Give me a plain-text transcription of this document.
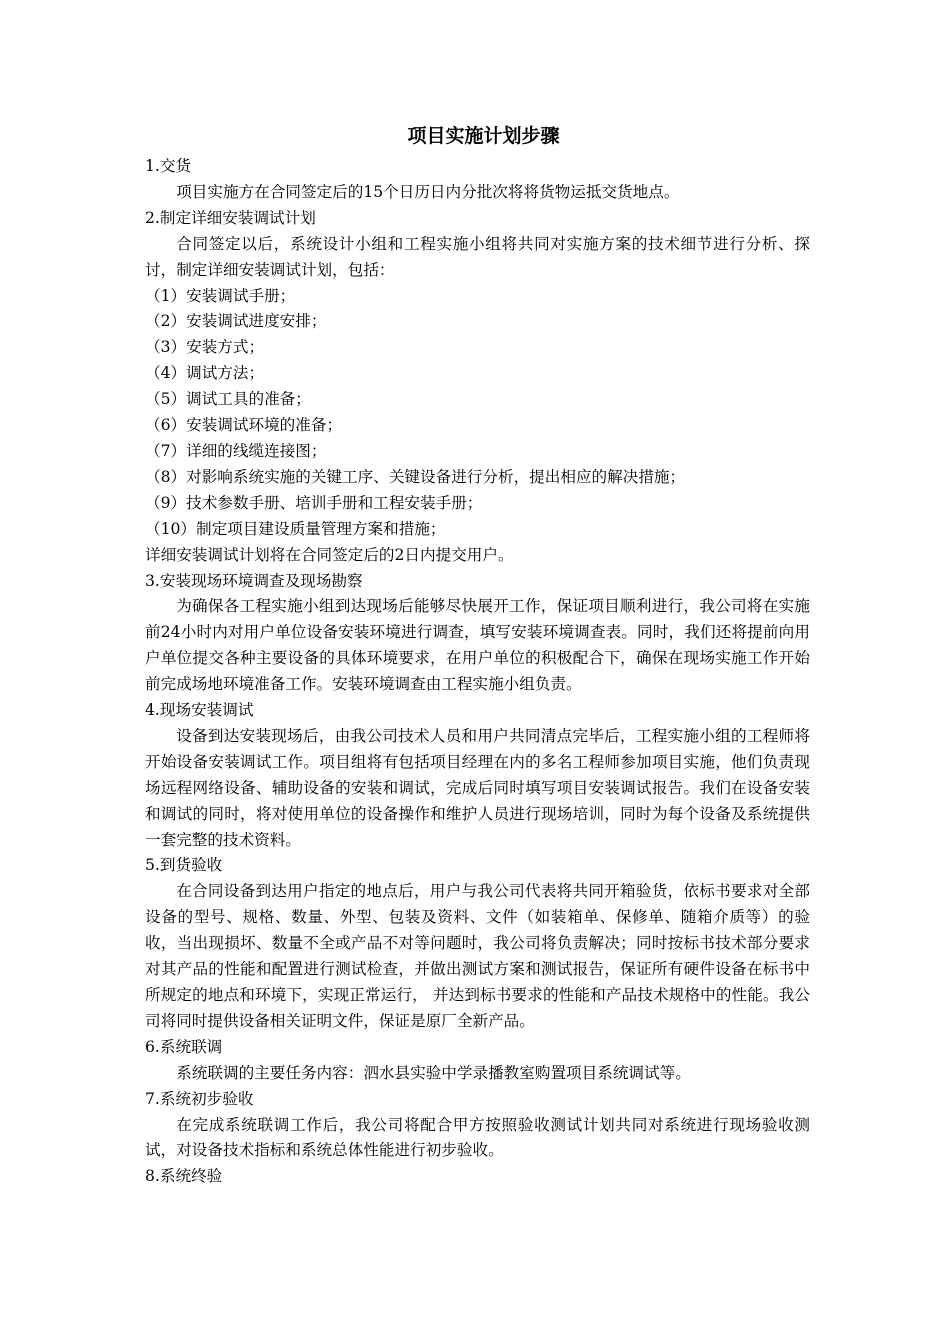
项目实施计划步骤

1.交货

项目实施方在合同签定后的15个日历日内分批次将将货物运抵交货地点。

2.制定详细安装调试计划

合同签定以后，系统设计小组和工程实施小组将共同对实施方案的技术细节进行分析、探讨，制定详细安装调试计划，包括：

（1）安装调试手册；

（2）安装调试进度安排；

（3）安装方式；

（4）调试方法；

（5）调试工具的准备；

（6）安装调试环境的准备；

（7）详细的线缆连接图；

（8）对影响系统实施的关键工序、关键设备进行分析，提出相应的解决措施；

（9）技术参数手册、培训手册和工程安装手册；

（10）制定项目建设质量管理方案和措施；

详细安装调试计划将在合同签定后的2日内提交用户。

3.安装现场环境调查及现场勘察

为确保各工程实施小组到达现场后能够尽快展开工作，保证项目顺利进行，我公司将在实施前24小时内对用户单位设备安装环境进行调查，填写安装环境调查表。同时，我们还将提前向用户单位提交各种主要设备的具体环境要求，在用户单位的积极配合下，确保在现场实施工作开始前完成场地环境准备工作。安装环境调查由工程实施小组负责。

4.现场安装调试

设备到达安装现场后，由我公司技术人员和用户共同清点完毕后，工程实施小组的工程师将开始设备安装调试工作。项目组将有包括项目经理在内的多名工程师参加项目实施，他们负责现场远程网络设备、辅助设备的安装和调试，完成后同时填写项目安装调试报告。我们在设备安装和调试的同时，将对使用单位的设备操作和维护人员进行现场培训，同时为每个设备及系统提供一套完整的技术资料。

5.到货验收

在合同设备到达用户指定的地点后，用户与我公司代表将共同开箱验货，依标书要求对全部设备的型号、规格、数量、外型、包装及资料、文件（如装箱单、保修单、随箱介质等）的验收，当出现损坏、数量不全或产品不对等问题时，我公司将负责解决；同时按标书技术部分要求对其产品的性能和配置进行测试检查，并做出测试方案和测试报告，保证所有硬件设备在标书中所规定的地点和环境下，实现正常运行， 并达到标书要求的性能和产品技术规格中的性能。我公司将同时提供设备相关证明文件，保证是原厂全新产品。

6.系统联调

系统联调的主要任务内容：泗水县实验中学录播教室购置项目系统调试等。

7.系统初步验收

在完成系统联调工作后，我公司将配合甲方按照验收测试计划共同对系统进行现场验收测试，对设备技术指标和系统总体性能进行初步验收。

8.系统终验
